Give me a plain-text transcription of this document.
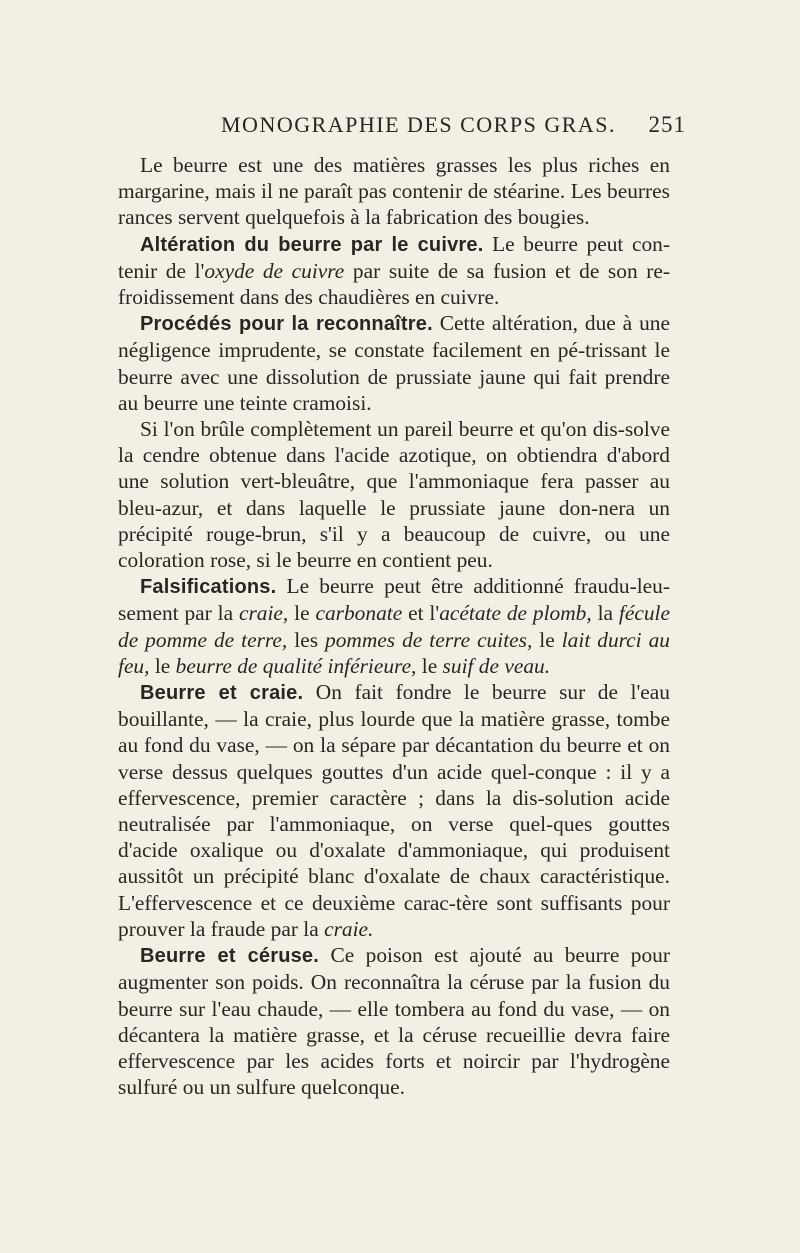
MONOGRAPHIE DES CORPS GRAS. 251

Le beurre est une des matières grasses les plus riches en margarine, mais il ne paraît pas contenir de stéarine. Les beurres rances servent quelquefois à la fabrication des bougies.

Altération du beurre par le cuivre. Le beurre peut con-tenir de l'oxyde de cuivre par suite de sa fusion et de son re-froidissement dans des chaudières en cuivre.

Procédés pour la reconnaître. Cette altération, due à une négligence imprudente, se constate facilement en pé-trissant le beurre avec une dissolution de prussiate jaune qui fait prendre au beurre une teinte cramoisi.

Si l'on brûle complètement un pareil beurre et qu'on dis-solve la cendre obtenue dans l'acide azotique, on obtiendra d'abord une solution vert-bleuâtre, que l'ammoniaque fera passer au bleu-azur, et dans laquelle le prussiate jaune don-nera un précipité rouge-brun, s'il y a beaucoup de cuivre, ou une coloration rose, si le beurre en contient peu.

Falsifications. Le beurre peut être additionné fraudu-leu-sement par la craie, le carbonate et l'acétate de plomb, la fécule de pomme de terre, les pommes de terre cuites, le lait durci au feu, le beurre de qualité inférieure, le suif de veau.

Beurre et craie. On fait fondre le beurre sur de l'eau bouillante, — la craie, plus lourde que la matière grasse, tombe au fond du vase, — on la sépare par décantation du beurre et on verse dessus quelques gouttes d'un acide quel-conque : il y a effervescence, premier caractère ; dans la dis-solution acide neutralisée par l'ammoniaque, on verse quel-ques gouttes d'acide oxalique ou d'oxalate d'ammoniaque, qui produisent aussitôt un précipité blanc d'oxalate de chaux caractéristique. L'effervescence et ce deuxième carac-tère sont suffisants pour prouver la fraude par la craie.

Beurre et céruse. Ce poison est ajouté au beurre pour augmenter son poids. On reconnaîtra la céruse par la fusion du beurre sur l'eau chaude, — elle tombera au fond du vase, — on décantera la matière grasse, et la céruse recueillie devra faire effervescence par les acides forts et noircir par l'hydrogène sulfuré ou un sulfure quelconque.
